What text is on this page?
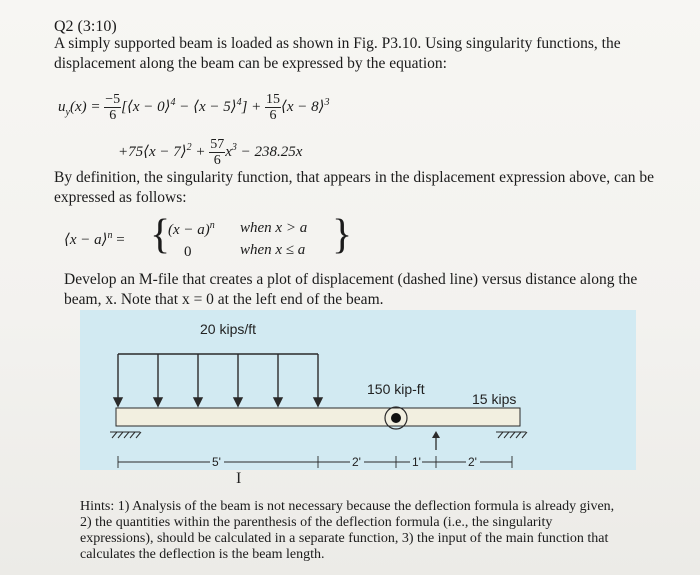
Q2 (3:10)
A simply supported beam is loaded as shown in Fig. P3.10. Using singularity functions, the
displacement along the beam can be expressed by the equation:
$u_y(x) = \frac{-5}{6}$ [⟨x − 0⟩$^4$ − ⟨x − 5⟩$^4$] + $\frac{15}{6}$ ⟨x − 8⟩$^3$
+75⟨x − 7⟩$^2$ + $\frac{57}{6} x^3 - 238.25x$
By definition, the singularity function, that appears in the displacement expression above, can be
expressed as follows:
⟨x − a⟩$^n$ = {
$(x - a)^n$
0
when x > a
when x ≤ a }
Develop an M-file that creates a plot of displacement (dashed line) versus distance along the
beam, x. Note that x = 0 at the left end of the beam.
20 kips/ft
150 kip-ft
15 kips
5'	2'	1'	2'
I
Hints: 1) Analysis of the beam is not necessary because the deflection formula is already given,
2) the quantities within the parenthesis of the deflection formula (i.e., the singularity
expressions), should be calculated in a separate function, 3) the input of the main function that
calculates the deflection is the beam length.
